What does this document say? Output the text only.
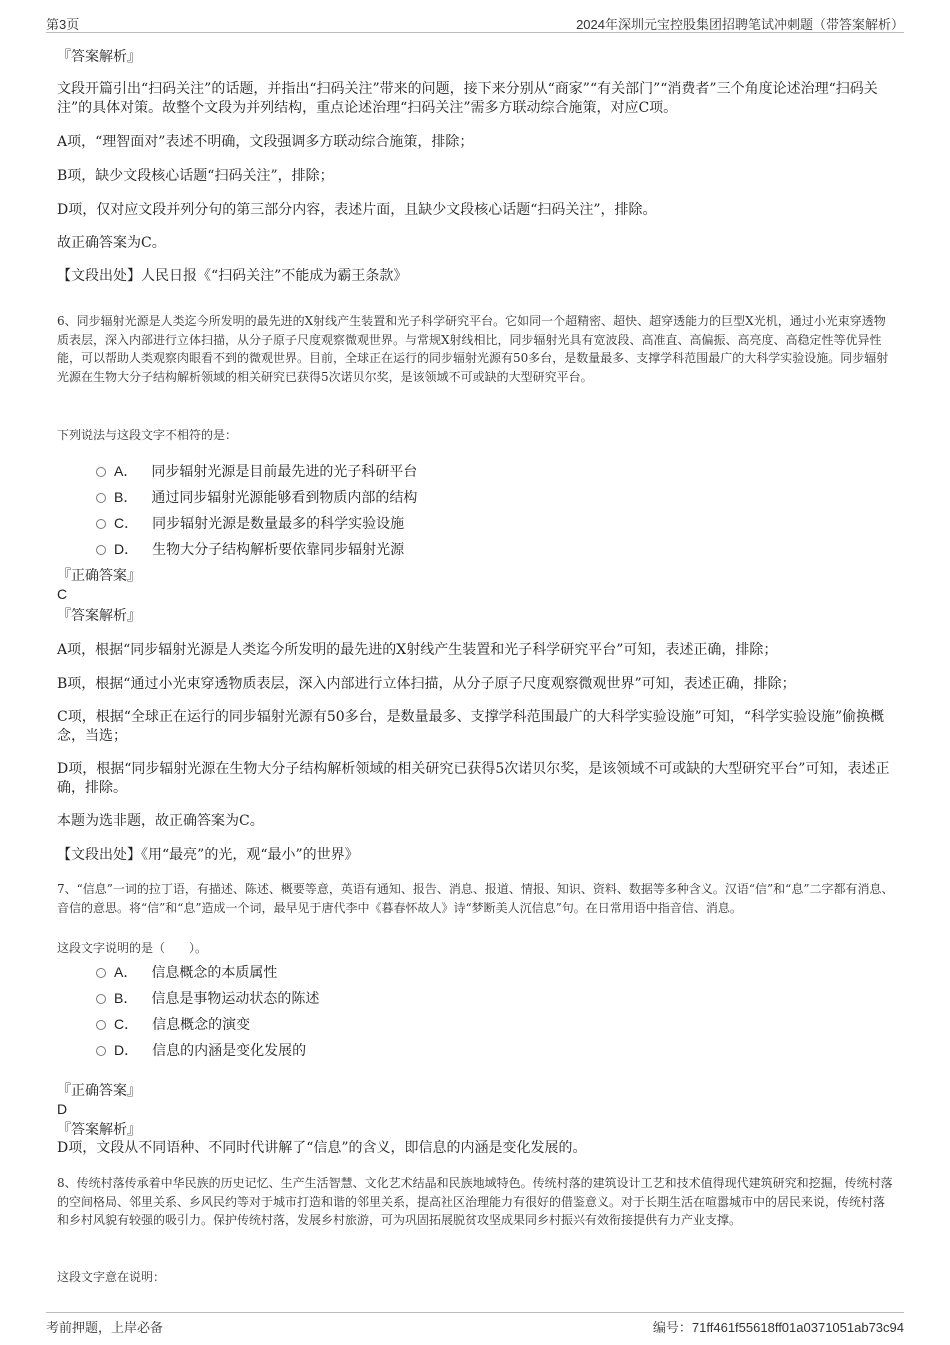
第3页	2024年深圳元宝控股集团招聘笔试冲刺题（带答案解析）

『答案解析』

文段开篇引出“扫码关注”的话题，并指出“扫码关注”带来的问题，接下来分别从“商家”“有关部门”“消费者”三个角度论述治理“扫码关注”的具体对策。故整个文段为并列结构，重点论述治理“扫码关注”需多方联动综合施策，对应C项。

A项，“理智面对”表述不明确，文段强调多方联动综合施策，排除；

B项，缺少文段核心话题“扫码关注”，排除；

D项，仅对应文段并列分句的第三部分内容，表述片面，且缺少文段核心话题“扫码关注”，排除。

故正确答案为C。

【文段出处】人民日报《“扫码关注”不能成为霸王条款》

6、同步辐射光源是人类迄今所发明的最先进的X射线产生装置和光子科学研究平台。它如同一个超精密、超快、超穿透能力的巨型X光机，通过小光束穿透物质表层，深入内部进行立体扫描，从分子原子尺度观察微观世界。与常规X射线相比，同步辐射光具有宽波段、高准直、高偏振、高亮度、高稳定性等优异性能，可以帮助人类观察肉眼看不到的微观世界。目前，全球正在运行的同步辐射光源有50多台，是数量最多、支撑学科范围最广的大科学实验设施。同步辐射光源在生物大分子结构解析领域的相关研究已获得5次诺贝尔奖，是该领域不可或缺的大型研究平台。

下列说法与这段文字不相符的是：

A． 同步辐射光源是目前最先进的光子科研平台
B． 通过同步辐射光源能够看到物质内部的结构
C． 同步辐射光源是数量最多的科学实验设施
D． 生物大分子结构解析要依靠同步辐射光源

『正确答案』

C

『答案解析』

A项，根据“同步辐射光源是人类迄今所发明的最先进的X射线产生装置和光子科学研究平台”可知，表述正确，排除；

B项，根据“通过小光束穿透物质表层，深入内部进行立体扫描，从分子原子尺度观察微观世界”可知，表述正确，排除；

C项，根据“全球正在运行的同步辐射光源有50多台，是数量最多、支撑学科范围最广的大科学实验设施”可知，“科学实验设施”偷换概念，当选；

D项，根据“同步辐射光源在生物大分子结构解析领域的相关研究已获得5次诺贝尔奖，是该领域不可或缺的大型研究平台”可知，表述正确，排除。

本题为选非题，故正确答案为C。

【文段出处】《用“最亮”的光，观“最小”的世界》

7、“信息”一词的拉丁语，有描述、陈述、概要等意，英语有通知、报告、消息、报道、情报、知识、资料、数据等多种含义。汉语“信”和“息”二字都有消息、音信的意思。将“信”和“息”造成一个词，最早见于唐代李中《暮春怀故人》诗“梦断美人沉信息”句。在日常用语中指音信、消息。

这段文字说明的是（　　）。

A． 信息概念的本质属性
B． 信息是事物运动状态的陈述
C． 信息概念的演变
D． 信息的内涵是变化发展的

『正确答案』

D

『答案解析』

D项，文段从不同语种、不同时代讲解了“信息”的含义，即信息的内涵是变化发展的。

8、传统村落传承着中华民族的历史记忆、生产生活智慧、文化艺术结晶和民族地域特色。传统村落的建筑设计工艺和技术值得现代建筑研究和挖掘，传统村落的空间格局、邻里关系、乡风民约等对于城市打造和谐的邻里关系，提高社区治理能力有很好的借鉴意义。对于长期生活在喧嚣城市中的居民来说，传统村落和乡村风貌有较强的吸引力。保护传统村落，发展乡村旅游，可为巩固拓展脱贫攻坚成果同乡村振兴有效衔接提供有力产业支撑。

这段文字意在说明：

考前押题，上岸必备	编号：71ff461f55618ff01a0371051ab73c94
